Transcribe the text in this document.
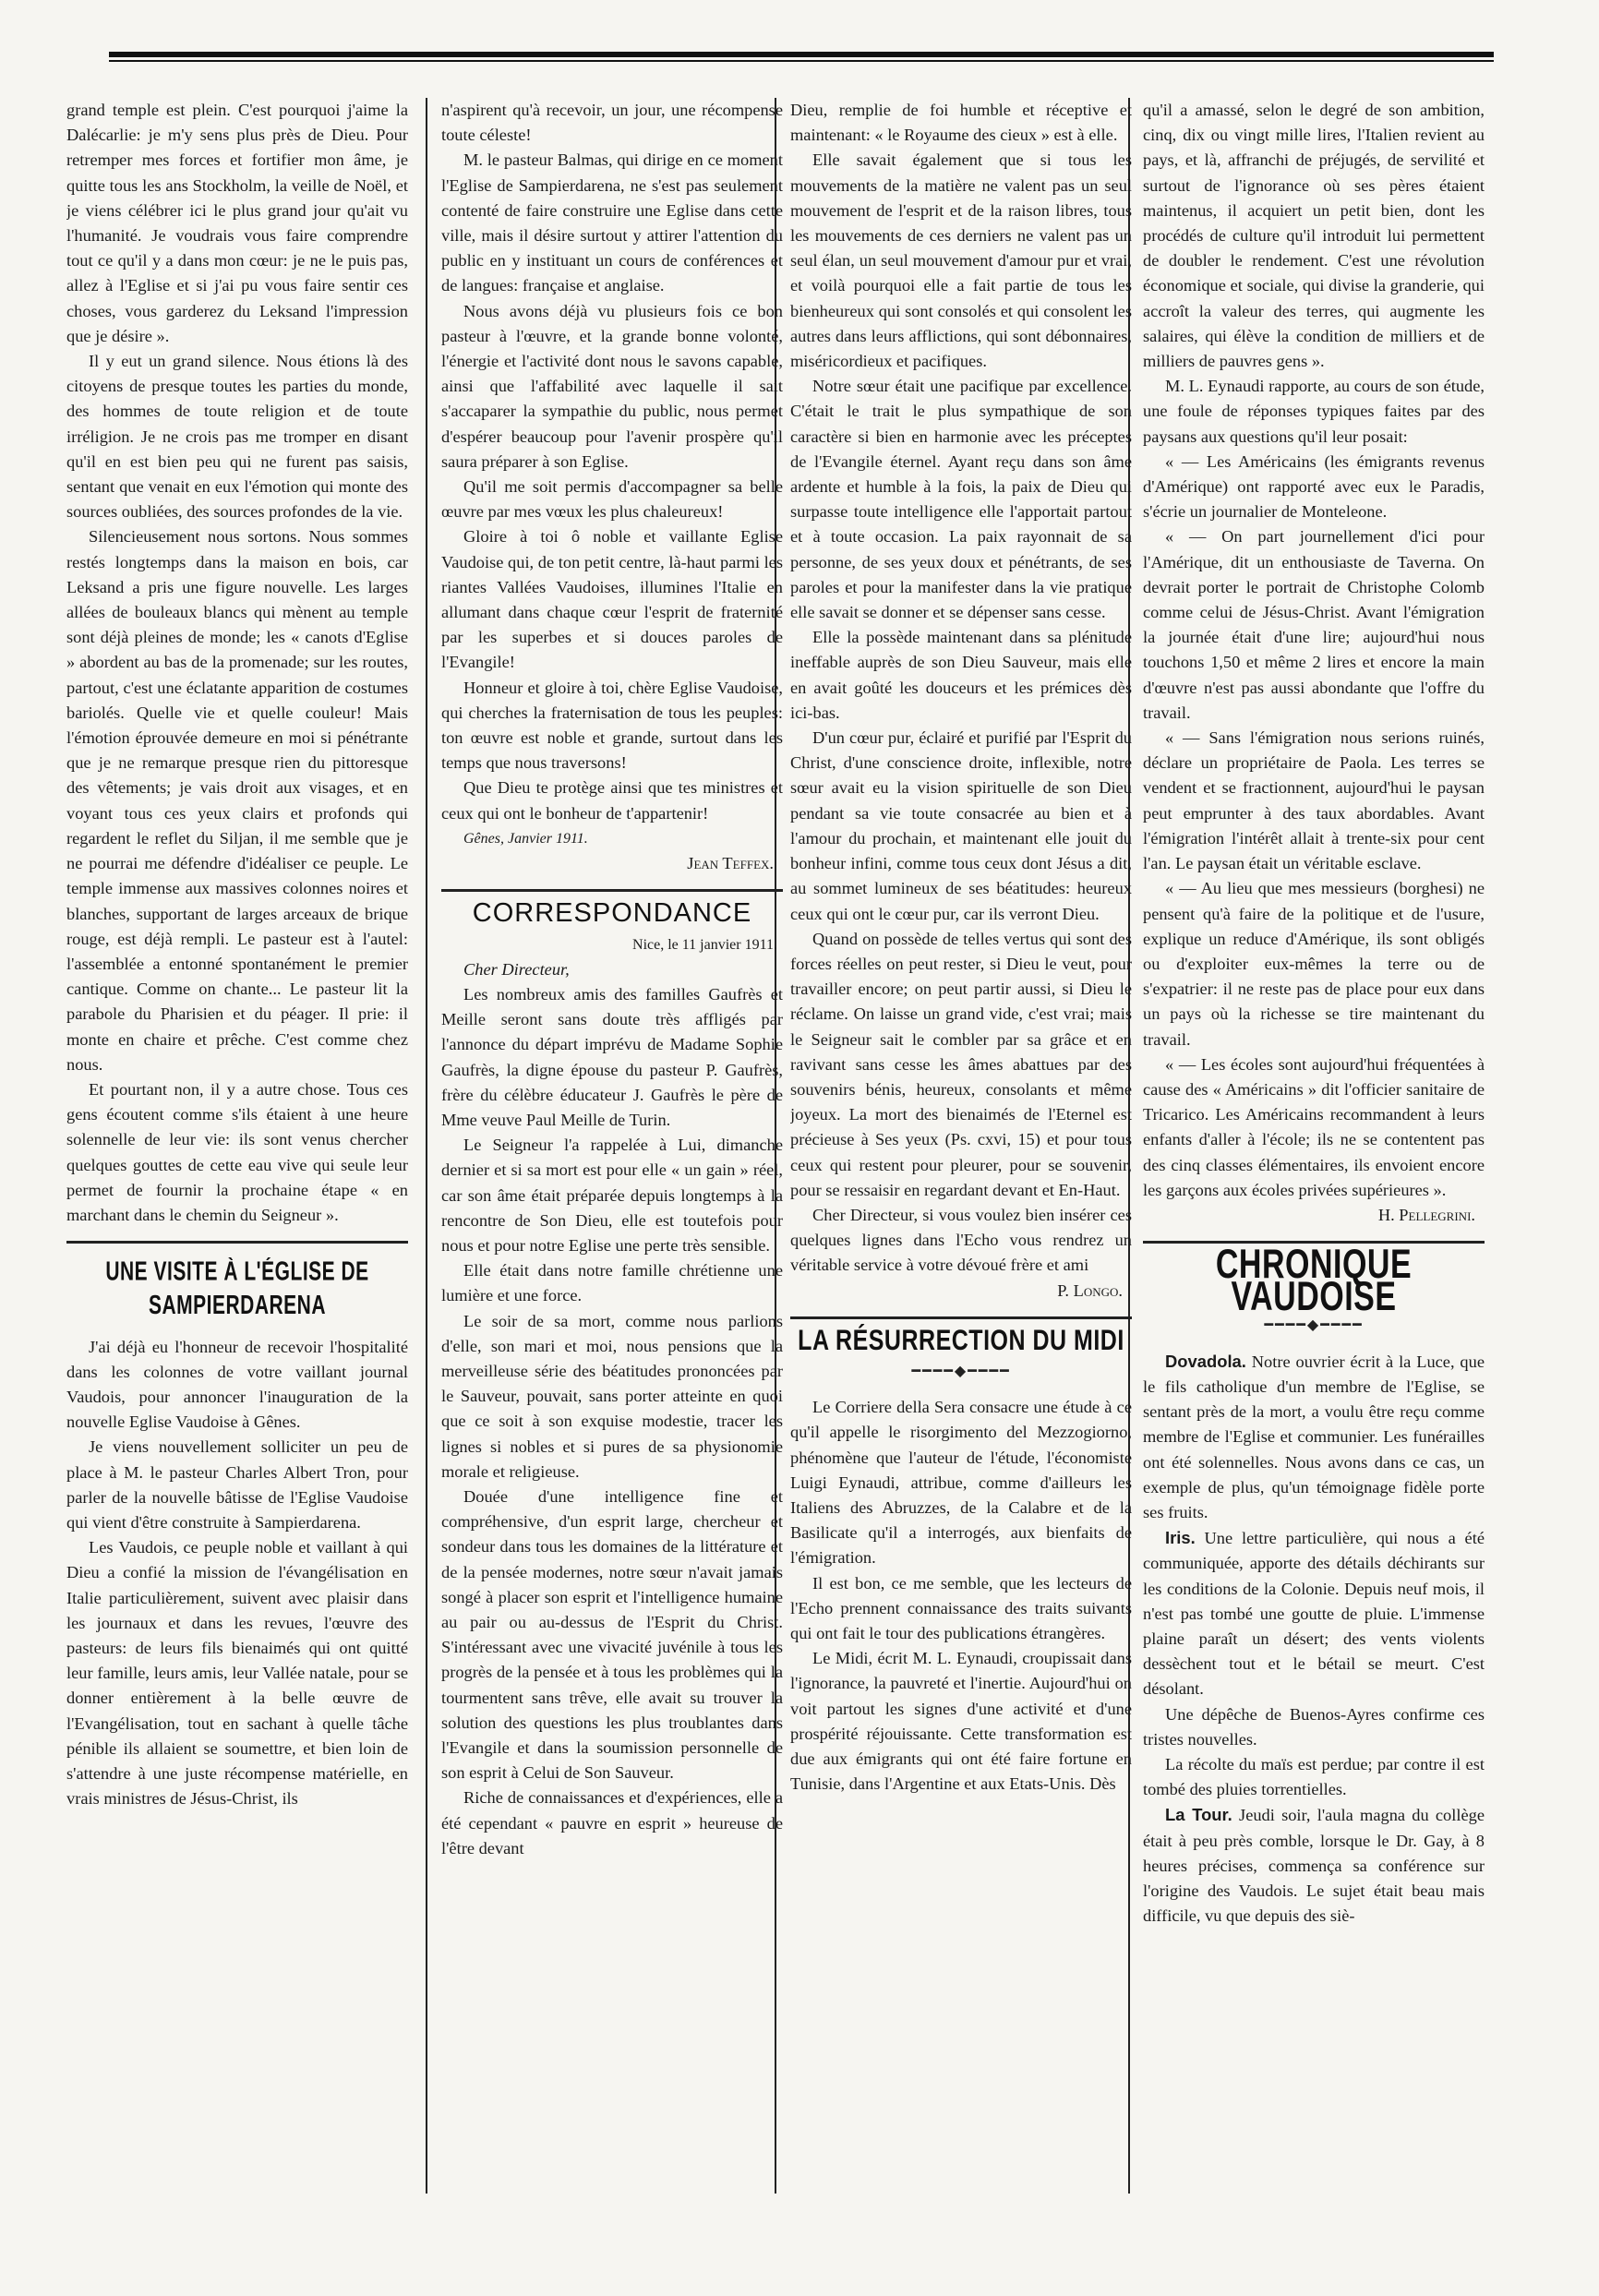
grand temple est plein. C'est pourquoi j'aime la Dalécarlie: je m'y sens plus près de Dieu. Pour retremper mes forces et fortifier mon âme, je quitte tous les ans Stockholm, la veille de Noël, et je viens célébrer ici le plus grand jour qu'ait vu l'humanité. Je voudrais vous faire comprendre tout ce qu'il y a dans mon cœur: je ne le puis pas, allez à l'Eglise et si j'ai pu vous faire sentir ces choses, vous garderez du Leksand l'impression que je désire ».

Il y eut un grand silence. Nous étions là des citoyens de presque toutes les parties du monde, des hommes de toute religion et de toute irréligion. Je ne crois pas me tromper en disant qu'il en est bien peu qui ne furent pas saisis, sentant que venait en eux l'émotion qui monte des sources oubliées, des sources profondes de la vie.

Silencieusement nous sortons. Nous sommes restés longtemps dans la maison en bois, car Leksand a pris une figure nouvelle. Les larges allées de bouleaux blancs qui mènent au temple sont déjà pleines de monde; les « canots d'Eglise » abordent au bas de la promenade; sur les routes, partout, c'est une éclatante apparition de costumes bariolés. Quelle vie et quelle couleur! Mais l'émotion éprouvée demeure en moi si pénétrante que je ne remarque presque rien du pittoresque des vêtements; je vais droit aux visages, et en voyant tous ces yeux clairs et profonds qui regardent le reflet du Siljan, il me semble que je ne pourrai me défendre d'idéaliser ce peuple. Le temple immense aux massives colonnes noires et blanches, supportant de larges arceaux de brique rouge, est déjà rempli. Le pasteur est à l'autel: l'assemblée a entonné spontanément le premier cantique. Comme on chante... Le pasteur lit la parabole du Pharisien et du péager. Il prie: il monte en chaire et prêche. C'est comme chez nous.

Et pourtant non, il y a autre chose. Tous ces gens écoutent comme s'ils étaient à une heure solennelle de leur vie: ils sont venus chercher quelques gouttes de cette eau vive qui seule leur permet de fournir la prochaine étape « en marchant dans le chemin du Seigneur ».

UNE VISITE À L'ÉGLISE DE SAMPIERDARENA

J'ai déjà eu l'honneur de recevoir l'hospitalité dans les colonnes de votre vaillant journal Vaudois, pour annoncer l'inauguration de la nouvelle Eglise Vaudoise à Gênes.

Je viens nouvellement solliciter un peu de place à M. le pasteur Charles Albert Tron, pour parler de la nouvelle bâtisse de l'Eglise Vaudoise qui vient d'être construite à Sampierdarena.

Les Vaudois, ce peuple noble et vaillant à qui Dieu a confié la mission de l'évangélisation en Italie particulièrement, suivent avec plaisir dans les journaux et dans les revues, l'œuvre des pasteurs: de leurs fils bienaimés qui ont quitté leur famille, leurs amis, leur Vallée natale, pour se donner entièrement à la belle œuvre de l'Evangélisation, tout en sachant à quelle tâche pénible ils allaient se soumettre, et bien loin de s'attendre à une juste récompense matérielle, en vrais ministres de Jésus-Christ, ils

n'aspirent qu'à recevoir, un jour, une récompense toute céleste!

M. le pasteur Balmas, qui dirige en ce moment l'Eglise de Sampierdarena, ne s'est pas seulement contenté de faire construire une Eglise dans cette ville, mais il désire surtout y attirer l'attention du public en y instituant un cours de conférences et de langues: française et anglaise.

Nous avons déjà vu plusieurs fois ce bon pasteur à l'œuvre, et la grande bonne volonté, l'énergie et l'activité dont nous le savons capable, ainsi que l'affabilité avec laquelle il sait s'accaparer la sympathie du public, nous permet d'espérer beaucoup pour l'avenir prospère qu'il saura préparer à son Eglise.

Qu'il me soit permis d'accompagner sa belle œuvre par mes vœux les plus chaleureux!

Gloire à toi ô noble et vaillante Eglise Vaudoise qui, de ton petit centre, là-haut parmi les riantes Vallées Vaudoises, illumines l'Italie en allumant dans chaque cœur l'esprit de fraternité par les superbes et si douces paroles de l'Evangile!

Honneur et gloire à toi, chère Eglise Vaudoise, qui cherches la fraternisation de tous les peuples: ton œuvre est noble et grande, surtout dans les temps que nous traversons!

Que Dieu te protège ainsi que tes ministres et ceux qui ont le bonheur de t'appartenir!

Gênes, Janvier 1911.

Jean Teffex.

CORRESPONDANCE

Nice, le 11 janvier 1911.

Cher Directeur,

Les nombreux amis des familles Gaufrès et Meille seront sans doute très affligés par l'annonce du départ imprévu de Madame Sophie Gaufrès, la digne épouse du pasteur P. Gaufrès, frère du célèbre éducateur J. Gaufrès le père de Mme veuve Paul Meille de Turin.

Le Seigneur l'a rappelée à Lui, dimanche dernier et si sa mort est pour elle « un gain » réel, car son âme était préparée depuis longtemps à la rencontre de Son Dieu, elle est toutefois pour nous et pour notre Eglise une perte très sensible.

Elle était dans notre famille chrétienne une lumière et une force.

Le soir de sa mort, comme nous parlions d'elle, son mari et moi, nous pensions que la merveilleuse série des béatitudes prononcées par le Sauveur, pouvait, sans porter atteinte en quoi que ce soit à son exquise modestie, tracer les lignes si nobles et si pures de sa physionomie morale et religieuse.

Douée d'une intelligence fine et compréhensive, d'un esprit large, chercheur et sondeur dans tous les domaines de la littérature et de la pensée modernes, notre sœur n'avait jamais songé à placer son esprit et l'intelligence humaine au pair ou au-dessus de l'Esprit du Christ. S'intéressant avec une vivacité juvénile à tous les progrès de la pensée et à tous les problèmes qui la tourmentent sans trêve, elle avait su trouver la solution des questions les plus troublantes dans l'Evangile et dans la soumission personnelle de son esprit à Celui de Son Sauveur.

Riche de connaissances et d'expériences, elle a été cependant « pauvre en esprit » heureuse de l'être devant

Dieu, remplie de foi humble et réceptive et maintenant: « le Royaume des cieux » est à elle.

Elle savait également que si tous les mouvements de la matière ne valent pas un seul mouvement de l'esprit et de la raison libres, tous les mouvements de ces derniers ne valent pas un seul élan, un seul mouvement d'amour pur et vrai, et voilà pourquoi elle a fait partie de tous les bienheureux qui sont consolés et qui consolent les autres dans leurs afflictions, qui sont débonnaires, miséricordieux et pacifiques.

Notre sœur était une pacifique par excellence. C'était le trait le plus sympathique de son caractère si bien en harmonie avec les préceptes de l'Evangile éternel. Ayant reçu dans son âme ardente et humble à la fois, la paix de Dieu qui surpasse toute intelligence elle l'apportait partout et à toute occasion. La paix rayonnait de sa personne, de ses yeux doux et pénétrants, de ses paroles et pour la manifester dans la vie pratique elle savait se donner et se dépenser sans cesse.

Elle la possède maintenant dans sa plénitude ineffable auprès de son Dieu Sauveur, mais elle en avait goûté les douceurs et les prémices dès ici-bas.

D'un cœur pur, éclairé et purifié par l'Esprit du Christ, d'une conscience droite, inflexible, notre sœur avait eu la vision spirituelle de son Dieu pendant sa vie toute consacrée au bien et à l'amour du prochain, et maintenant elle jouit du bonheur infini, comme tous ceux dont Jésus a dit, au sommet lumineux de ses béatitudes: heureux ceux qui ont le cœur pur, car ils verront Dieu.

Quand on possède de telles vertus qui sont des forces réelles on peut rester, si Dieu le veut, pour travailler encore; on peut partir aussi, si Dieu le réclame. On laisse un grand vide, c'est vrai; mais le Seigneur sait le combler par sa grâce et en ravivant sans cesse les âmes abattues par des souvenirs bénis, heureux, consolants et même joyeux. La mort des bienaimés de l'Eternel est précieuse à Ses yeux (Ps. cxvi, 15) et pour tous ceux qui restent pour pleurer, pour se souvenir, pour se ressaisir en regardant devant et En-Haut.

Cher Directeur, si vous voulez bien insérer ces quelques lignes dans l'Echo vous rendrez un véritable service à votre dévoué frère et ami

P. Longo.

LA RÉSURRECTION DU MIDI
━━━━◆━━━━

Le Corriere della Sera consacre une étude à ce qu'il appelle le risorgimento del Mezzogiorno, phénomène que l'auteur de l'étude, l'économiste Luigi Eynaudi, attribue, comme d'ailleurs les Italiens des Abruzzes, de la Calabre et de la Basilicate qu'il a interrogés, aux bienfaits de l'émigration.

Il est bon, ce me semble, que les lecteurs de l'Echo prennent connaissance des traits suivants qui ont fait le tour des publications étrangères.

Le Midi, écrit M. L. Eynaudi, croupissait dans l'ignorance, la pauvreté et l'inertie. Aujourd'hui on voit partout les signes d'une activité et d'une prospérité réjouissante. Cette transformation est due aux émigrants qui ont été faire fortune en Tunisie, dans l'Argentine et aux Etats-Unis. Dès

qu'il a amassé, selon le degré de son ambition, cinq, dix ou vingt mille lires, l'Italien revient au pays, et là, affranchi de préjugés, de servilité et surtout de l'ignorance où ses pères étaient maintenus, il acquiert un petit bien, dont les procédés de culture qu'il introduit lui permettent de doubler le rendement. C'est une révolution économique et sociale, qui divise la granderie, qui accroît la valeur des terres, qui augmente les salaires, qui élève la condition de milliers et de milliers de pauvres gens ».

M. L. Eynaudi rapporte, au cours de son étude, une foule de réponses typiques faites par des paysans aux questions qu'il leur posait:

« — Les Américains (les émigrants revenus d'Amérique) ont rapporté avec eux le Paradis, s'écrie un journalier de Monteleone.

« — On part journellement d'ici pour l'Amérique, dit un enthousiaste de Taverna. On devrait porter le portrait de Christophe Colomb comme celui de Jésus-Christ. Avant l'émigration la journée était d'une lire; aujourd'hui nous touchons 1,50 et même 2 lires et encore la main d'œuvre n'est pas aussi abondante que l'offre du travail.

« — Sans l'émigration nous serions ruinés, déclare un propriétaire de Paola. Les terres se vendent et se fractionnent, aujourd'hui le paysan peut emprunter à des taux abordables. Avant l'émigration l'intérêt allait à trente-six pour cent l'an. Le paysan était un véritable esclave.

« — Au lieu que mes messieurs (borghesi) ne pensent qu'à faire de la politique et de l'usure, explique un reduce d'Amérique, ils sont obligés ou d'exploiter eux-mêmes la terre ou de s'expatrier: il ne reste pas de place pour eux dans un pays où la richesse se tire maintenant du travail.

« — Les écoles sont aujourd'hui fréquentées à cause des « Américains » dit l'officier sanitaire de Tricarico. Les Américains recommandent à leurs enfants d'aller à l'école; ils ne se contentent pas des cinq classes élémentaires, ils envoient encore les garçons aux écoles privées supérieures ».

H. Pellegrini.

CHRONIQUE VAUDOISE
━━━━◆━━━━

Dovadola. Notre ouvrier écrit à la Luce, que le fils catholique d'un membre de l'Eglise, se sentant près de la mort, a voulu être reçu comme membre de l'Eglise et communier. Les funérailles ont été solennelles. Nous avons dans ce cas, un exemple de plus, qu'un témoignage fidèle porte ses fruits.

Iris. Une lettre particulière, qui nous a été communiquée, apporte des détails déchirants sur les conditions de la Colonie. Depuis neuf mois, il n'est pas tombé une goutte de pluie. L'immense plaine paraît un désert; des vents violents dessèchent tout et le bétail se meurt. C'est désolant.

Une dépêche de Buenos-Ayres confirme ces tristes nouvelles.

La récolte du maïs est perdue; par contre il est tombé des pluies torrentielles.

La Tour. Jeudi soir, l'aula magna du collège était à peu près comble, lorsque le Dr. Gay, à 8 heures précises, commença sa conférence sur l'origine des Vaudois. Le sujet était beau mais difficile, vu que depuis des siè-
